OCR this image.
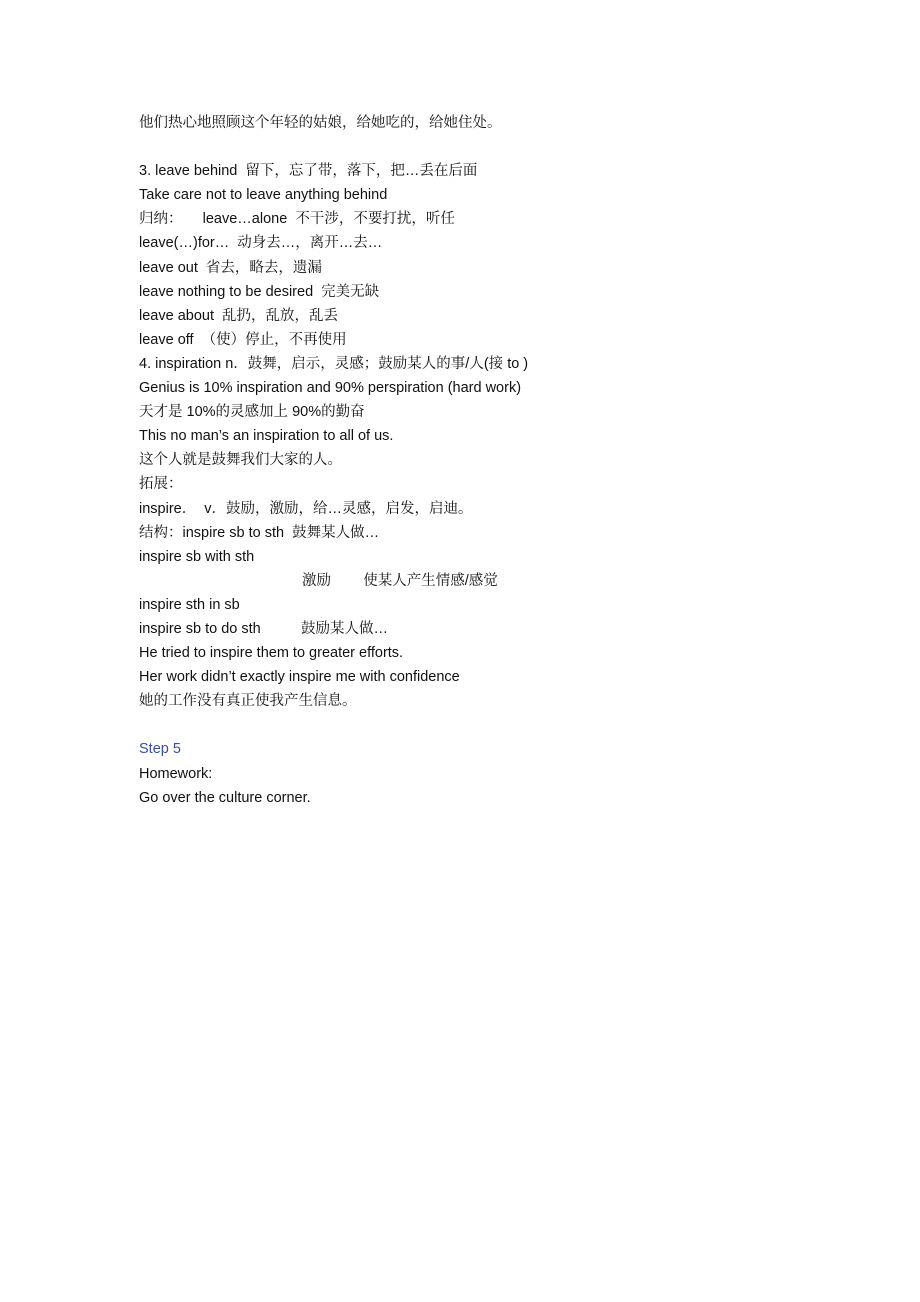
他们热心地照顾这个年轻的姑娘，给她吃的，给她住处。
3. leave behind  留下，忘了带，落下，把…丢在后面
Take care not to leave anything behind
归纳：     leave…alone  不干涉，不要打扰，听任
leave(…)for…  动身去…，离开…去…
leave out  省去，略去，遗漏
leave nothing to be desired  完美无缺
leave about  乱扔，乱放，乱丢
leave off  （使）停止，不再使用
4. inspiration n．鼓舞，启示，灵感；鼓励某人的事/人(接 to )
Genius is 10% inspiration and 90% perspiration (hard work)
天才是 10%的灵感加上 90%的勤奋
This no man’s an inspiration to all of us.
这个人就是鼓舞我们大家的人。
拓展：
inspire．  v．鼓励，激励，给…灵感，启发，启迪。
结构：inspire sb to sth  鼓舞某人做…
inspire sb with sth
激励        使某人产生情感/感觉
inspire sth in sb
inspire sb to do sth          鼓励某人做…
He tried to inspire them to greater efforts.
Her work didn’t exactly inspire me with confidence
她的工作没有真正使我产生信息。
Step 5
Homework:
Go over the culture corner.
